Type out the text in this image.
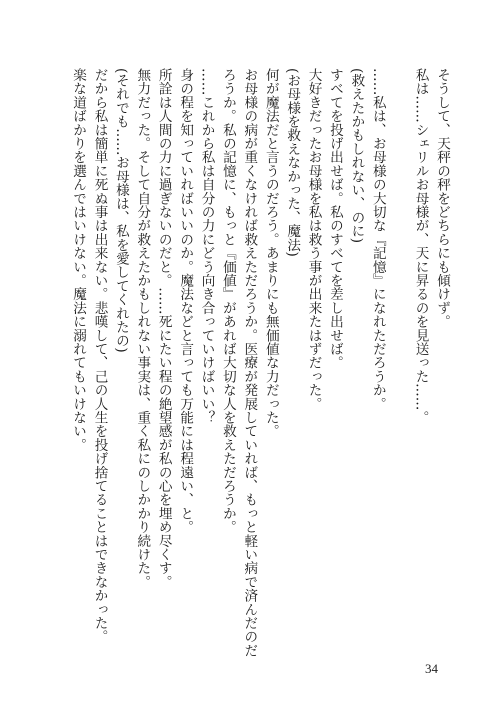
そうして、天秤の秤をどちらにも傾けず。
私は……シェリルお母様が、天に昇るのを見送った……。

……私は、お母様の大切な『記憶』になれただろうか。
(救えたかもしれない、のに)
すべてを投げ出せば。私のすべてを差し出せば。
大好きだったお母様を私は救う事が出来たはずだった。
(お母様を救えなかった、魔法)
何が魔法だと言うのだろう。あまりにも無価値な力だった。
お母様の病が重くなければ救えただろうか。医療が発展していれば、もっと軽い病で済んだのだ
ろうか。私の記憶に、もっと『価値』があれば大切な人を救えただろうか。
……これから私は自分の力にどう向き合っていけばいい？
身の程を知っていればいいのか。魔法などと言っても万能には程遠い、と。
所詮は人間の力に過ぎないのだと。……死にたい程の絶望感が私の心を埋め尽くす。
無力だった。そして自分が救えたかもしれない事実は、重く私にのしかかり続けた。
(それでも……お母様は、私を愛してくれたの)
だから私は簡単に死ぬ事は出来ない。悲嘆して、己の人生を投げ捨てることはできなかった。
楽な道ばかりを選んではいけない。魔法に溺れてもいけない。
34
